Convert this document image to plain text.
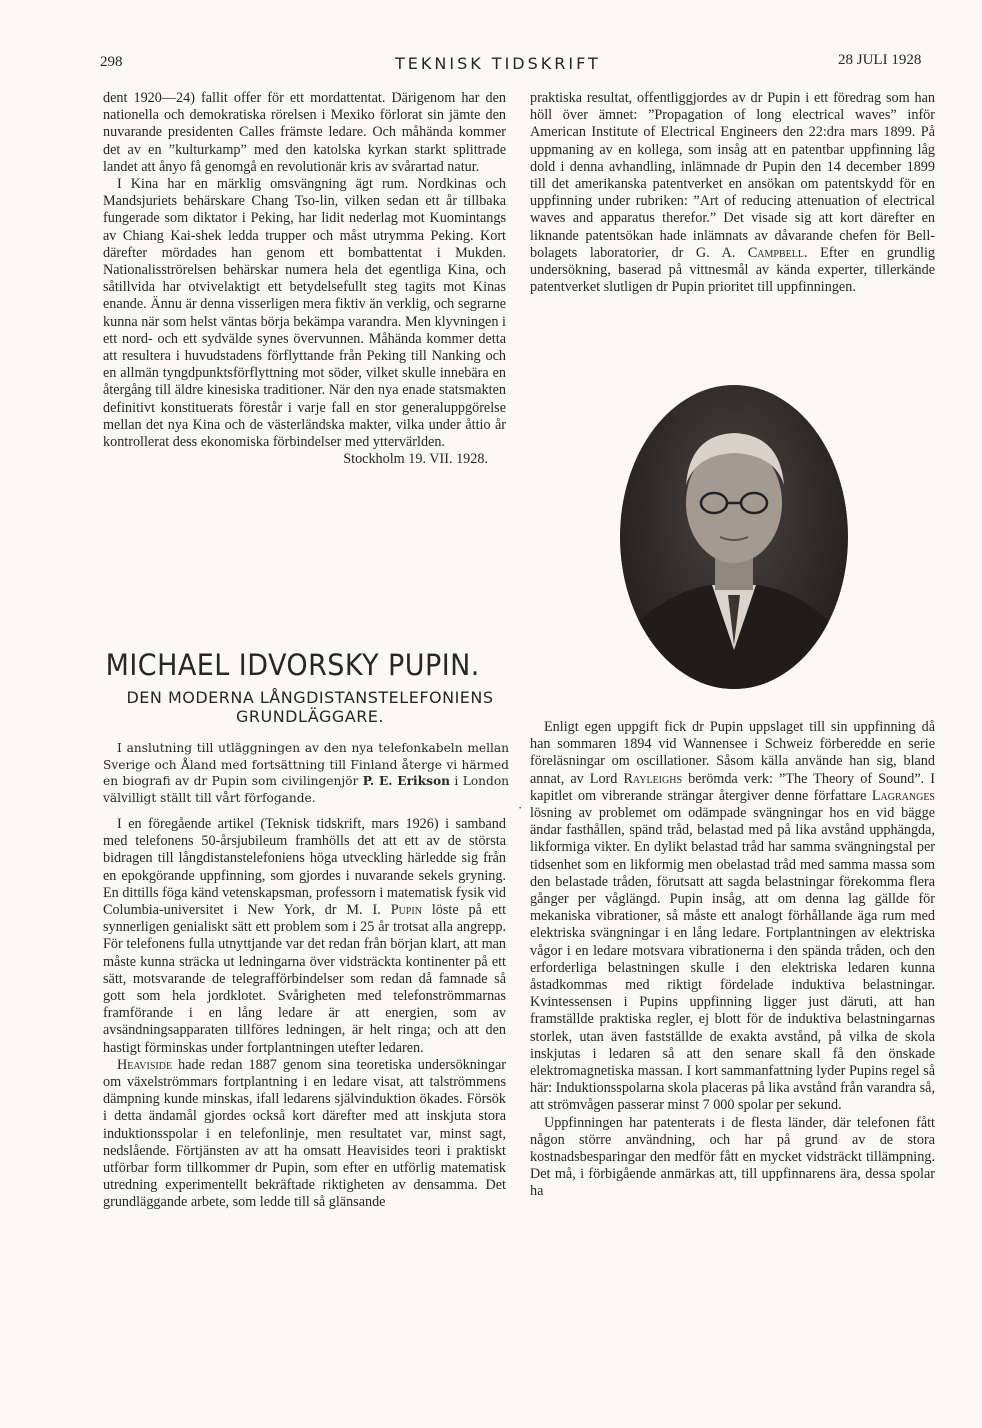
298	TEKNISK TIDSKRIFT	28 JULI 1928

dent 1920—24) fallit offer för ett mordattentat. Därigenom har den nationella och demokratiska rörelsen i Mexiko förlorat sin jämte den nuvarande presidenten Calles främste ledare. Och måhända kommer det av en ”kulturkamp” med den katolska kyrkan starkt splittrade landet att ånyo få genomgå en revolutionär kris av svårartad natur.

I Kina har en märklig omsvängning ägt rum. Nordkinas och Mandsjuriets behärskare Chang Tso-lin, vilken sedan ett år tillbaka fungerade som diktator i Peking, har lidit nederlag mot Kuomintangs av Chiang Kai-shek ledda trupper och måst utrymma Peking. Kort därefter mördades han genom ett bombattentat i Mukden. Nationalisströrelsen behärskar numera hela det egentliga Kina, och såtillvida har otvivelaktigt ett betydelsefullt steg tagits mot Kinas enande. Ännu är denna visserligen mera fiktiv än verklig, och segrarne kunna när som helst väntas börja bekämpa varandra. Men klyvningen i ett nord- och ett sydvälde synes övervunnen. Måhända kommer detta att resultera i huvudstadens förflyttande från Peking till Nanking och en allmän tyngdpunktsförflyttning mot söder, vilket skulle innebära en återgång till äldre kinesiska traditioner. När den nya enade statsmakten definitivt konstituerats förestår i varje fall en stor generaluppgörelse mellan det nya Kina och de västerländska makter, vilka under åttio år kontrollerat dess ekonomiska förbindelser med yttervärlden.

Stockholm 19. VII. 1928.
MICHAEL IDVORSKY PUPIN.
DEN MODERNA LÅNGDISTANSTELEFONIENS GRUNDLÄGGARE.

I anslutning till utläggningen av den nya telefonkabeln mellan Sverige och Åland med fortsättning till Finland återge vi härmed en biografi av dr Pupin som civilingenjör P. E. Erikson i London välvilligt ställt till vårt förfogande.

I en föregående artikel (Teknisk tidskrift, mars 1926) i samband med telefonens 50-årsjubileum framhölls det att ett av de största bidragen till långdistanstelefoniens höga utveckling härledde sig från en epokgörande uppfinning, som gjordes i nuvarande sekels gryning. En dittills föga känd vetenskapsman, professorn i matematisk fysik vid Columbia-universitet i New York, dr M. I. Pupin löste på ett synnerligen genialiskt sätt ett problem som i 25 år trotsat alla angrepp. För telefonens fulla utnyttjande var det redan från början klart, att man måste kunna sträcka ut ledningarna över vidsträckta kontinenter på ett sätt, motsvarande de telegrafförbindelser som redan då famnade så gott som hela jordklotet. Svårigheten med telefonströmmarnas framförande i en lång ledare är att energien, som av avsändningsapparaten tillföres ledningen, är helt ringa; och att den hastigt förminskas under fortplantningen utefter ledaren.

Heaviside hade redan 1887 genom sina teoretiska undersökningar om växelströmmars fortplantning i en ledare visat, att talströmmens dämpning kunde minskas, ifall ledarens självinduktion ökades. Försök i detta ändamål gjordes också kort därefter med att inskjuta stora induktionsspolar i en telefonlinje, men resultatet var, minst sagt, nedslående. Förtjänsten av att ha omsatt Heavisides teori i praktiskt utförbar form tillkommer dr Pupin, som efter en utförlig matematisk utredning experimentellt bekräftade riktigheten av densamma. Det grundläggande arbete, som ledde till så glänsande

praktiska resultat, offentliggjordes av dr Pupin i ett föredrag som han höll över ämnet: ”Propagation of long electrical waves” inför American Institute of Electrical Engineers den 22:dra mars 1899. På uppmaning av en kollega, som insåg att en patentbar uppfinning låg dold i denna avhandling, inlämnade dr Pupin den 14 december 1899 till det amerikanska patentverket en ansökan om patentskydd för en uppfinning under rubriken: ”Art of reducing attenuation of electrical waves and apparatus therefor.” Det visade sig att kort därefter en liknande patentsökan hade inlämnats av dåvarande chefen för Bell-bolagets laboratorier, dr G. A. Campbell. Efter en grundlig undersökning, baserad på vittnesmål av kända experter, tillerkände patentverket slutligen dr Pupin prioritet till uppfinningen.

·

Enligt egen uppgift fick dr Pupin uppslaget till sin uppfinning då han sommaren 1894 vid Wannensee i Schweiz förberedde en serie föreläsningar om oscillationer. Såsom källa använde han sig, bland annat, av Lord Rayleighs berömda verk: ”The Theory of Sound”. I kapitlet om vibrerande strängar återgiver denne författare Lagranges lösning av problemet om odämpade svängningar hos en vid bägge ändar fasthållen, spänd tråd, belastad med på lika avstånd upphängda, likformiga vikter. En dylikt belastad tråd har samma svängningstal per tidsenhet som en likformig men obelastad tråd med samma massa som den belastade tråden, förutsatt att sagda belastningar förekomma flera gånger per våglängd. Pupin insåg, att om denna lag gällde för mekaniska vibrationer, så måste ett analogt förhållande äga rum med elektriska svängningar i en lång ledare. Fortplantningen av elektriska vågor i en ledare motsvara vibrationerna i den spända tråden, och den erforderliga belastningen skulle i den elektriska ledaren kunna åstadkommas med riktigt fördelade induktiva belastningar. Kvintessensen i Pupins uppfinning ligger just däruti, att han framställde praktiska regler, ej blott för de induktiva belastningarnas storlek, utan även fastställde de exakta avstånd, på vilka de skola inskjutas i ledaren så att den senare skall få den önskade elektromagnetiska massan. I kort sammanfattning lyder Pupins regel så här: Induktionsspolarna skola placeras på lika avstånd från varandra så, att strömvågen passerar minst 7 000 spolar per sekund.

Uppfinningen har patenterats i de flesta länder, där telefonen fått någon större användning, och har på grund av de stora kostnadsbesparingar den medför fått en mycket vidsträckt tillämpning. Det må, i förbigående anmärkas att, till uppfinnarens ära, dessa spolar ha
